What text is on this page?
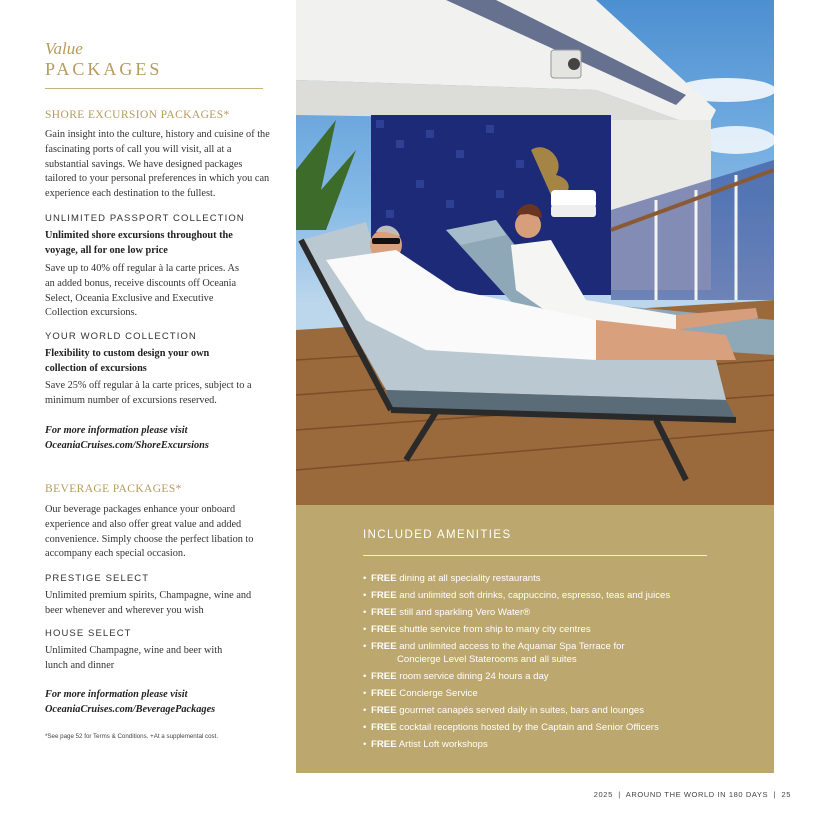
Value

PACKAGES

SHORE EXCURSION PACKAGES*

Gain insight into the culture, history and cuisine of the fascinating ports of call you will visit, all at a substantial savings. We have designed packages tailored to your personal preferences in which you can experience each destination to the fullest.

UNLIMITED PASSPORT COLLECTION

Unlimited shore excursions throughout the voyage, all for one low price

Save up to 40% off regular à la carte prices. As an added bonus, receive discounts off Oceania Select, Oceania Exclusive and Executive Collection excursions.

YOUR WORLD COLLECTION

Flexibility to custom design your own collection of excursions

Save 25% off regular à la carte prices, subject to a minimum number of excursions reserved.

For more information please visit

OceaniaCruises.com/ShoreExcursions

BEVERAGE PACKAGES*

Our beverage packages enhance your onboard experience and also offer great value and added convenience. Simply choose the perfect libation to accompany each special occasion.

PRESTIGE SELECT

Unlimited premium spirits, Champagne, wine and beer whenever and wherever you wish

HOUSE SELECT

Unlimited Champagne, wine and beer with lunch and dinner

For more information please visit

OceaniaCruises.com/BeveragePackages

*See page 52 for Terms & Conditions. +At a supplemental cost.

INCLUDED AMENITIES

• FREE dining at all speciality restaurants
• FREE and unlimited soft drinks, cappuccino, espresso, teas and juices
• FREE still and sparkling Vero Water®
• FREE shuttle service from ship to many city centres
• FREE and unlimited access to the Aquamar Spa Terrace for
Concierge Level Staterooms and all suites
• FREE room service dining 24 hours a day
• FREE Concierge Service
• FREE gourmet canapés served daily in suites, bars and lounges
• FREE cocktail receptions hosted by the Captain and Senior Officers
• FREE Artist Loft workshops

2025 | AROUND THE WORLD IN 180 DAYS | 25
